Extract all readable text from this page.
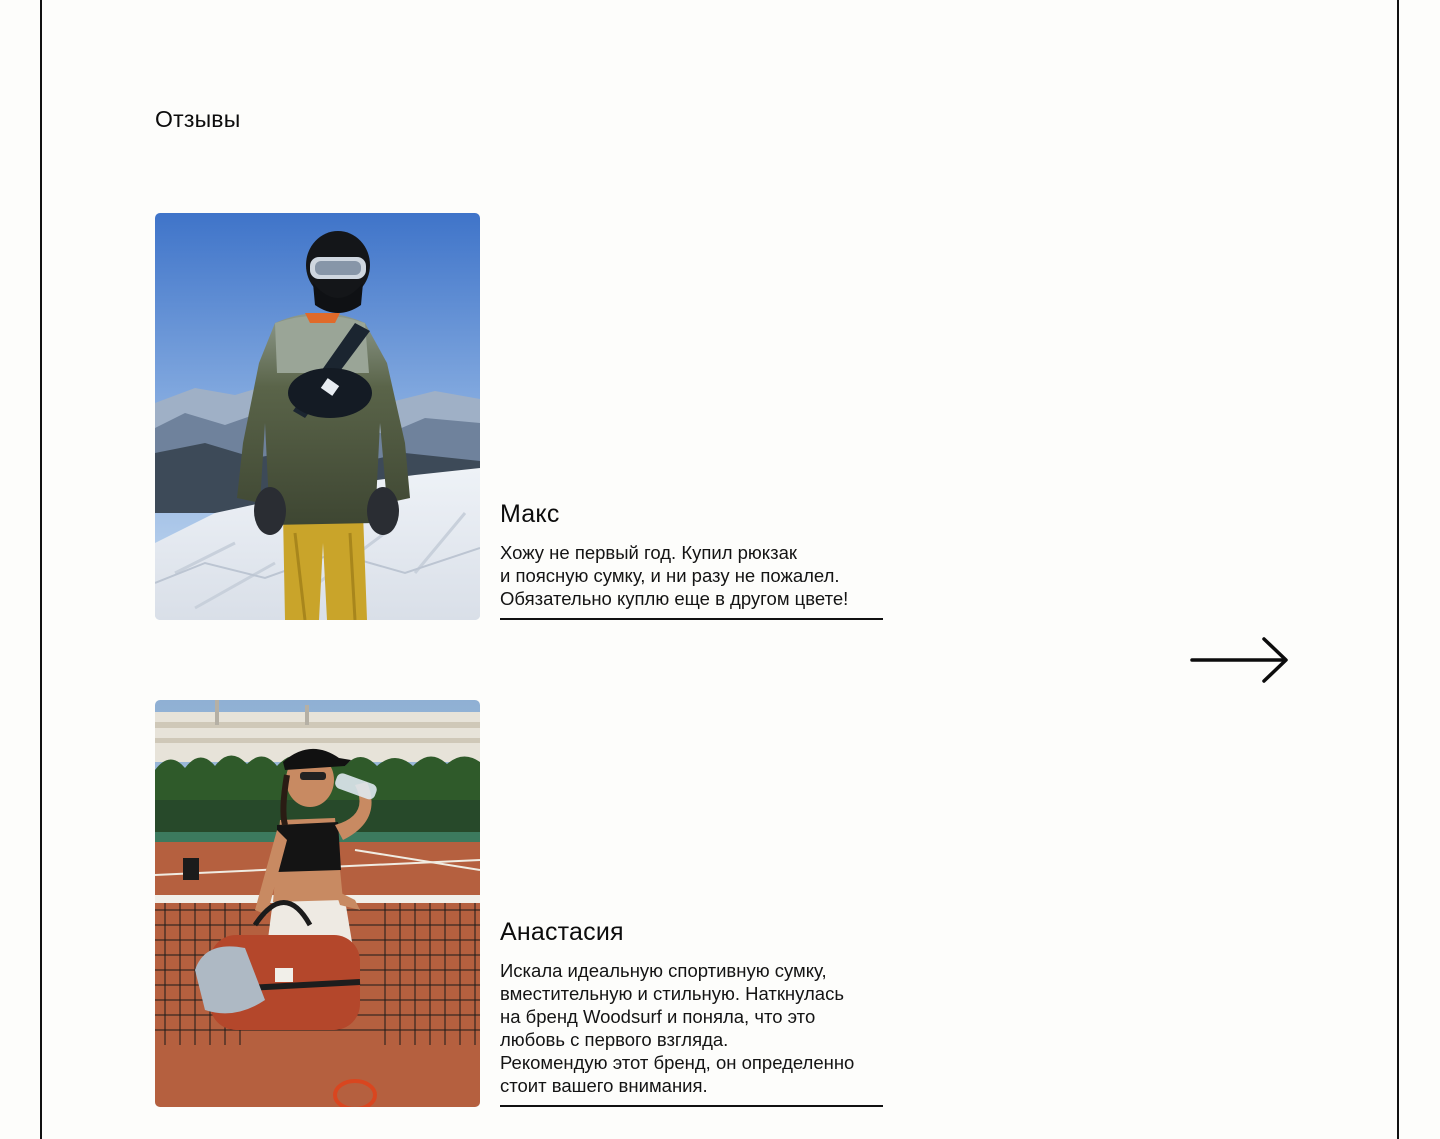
Отзывы
Макс

Хожу не первый год. Купил рюкзак
и поясную сумку, и ни разу не пожалел.
Обязательно куплю еще в другом цвете!

Анастасия

Искала идеальную спортивную сумку,
вместительную и стильную. Наткнулась
на бренд Woodsurf и поняла, что это
любовь с первого взгляда.
Рекомендую этот бренд, он определенно
стоит вашего внимания.
